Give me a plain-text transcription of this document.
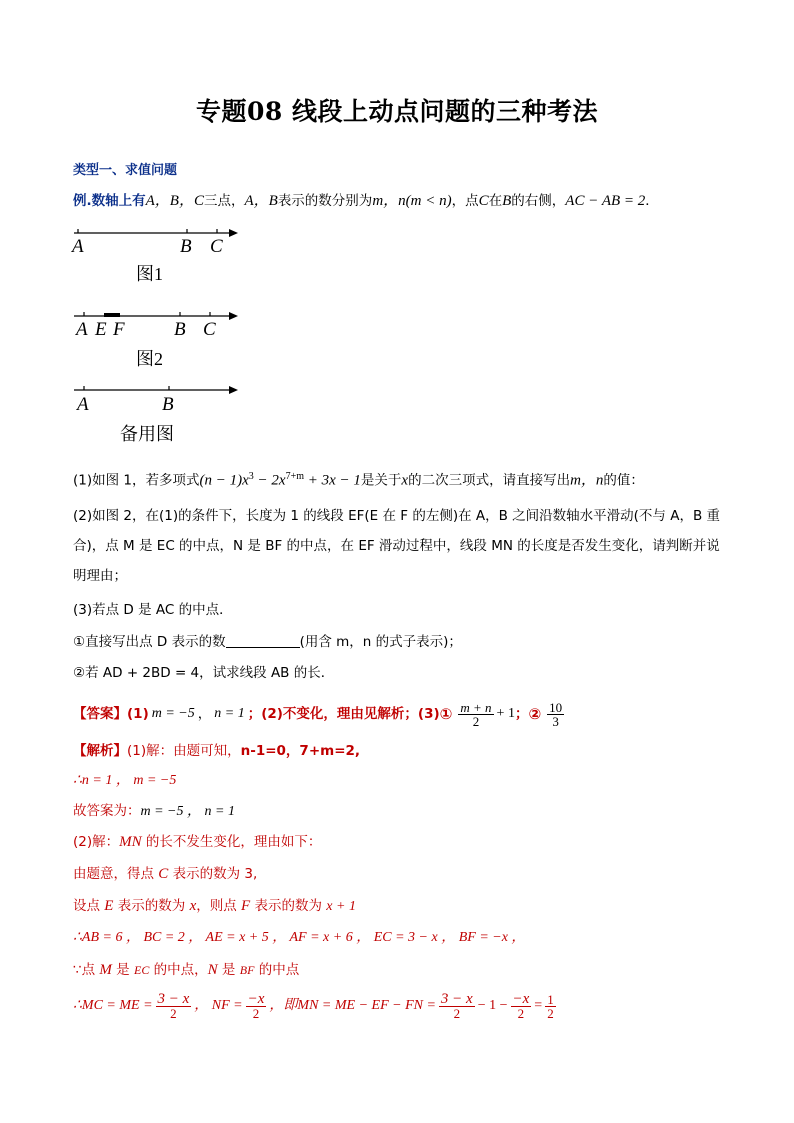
专题08 线段上动点问题的三种考法
类型一、求值问题
例.数轴上有A，B，C三点，A，B表示的数分别为m，n(m < n)，点C在B的右侧，AC − AB = 2．
A	B C
图1
A E F	B C
图2
A	B
备用图
(1)如图 1，若多项式$(n - 1)x^3 - 2x^{7+m} + 3x - 1$是关于x的二次三项式，请直接写出m，n的值：
(2)如图 2，在(1)的条件下，长度为 1 的线段 EF(E 在 F 的左侧)在 A，B 之间沿数轴水平滑动(不与 A，B 重
合)，点 M 是 EC 的中点，N 是 BF 的中点，在 EF 滑动过程中，线段 MN 的长度是否发生变化，请判断并说
明理由；
(3)若点 D 是 AC 的中点．
①直接写出点 D 表示的数	(用含 m，n 的式子表示)；
②若 AD + 2BD = 4，试求线段 AB 的长．
【答案】 (1) m = −5 ， n = 1 ；(2)不变化，理由见解析；(3) ① $\frac{m + n}{2} + 1$ ； ② $\frac{10}{3}$
【解析】(1)解：由题可知，n-1=0，7+m=2,
∴n = 1 ， m = −5
故答案为：m = −5 ， n = 1
(2)解：MN 的长不发生变化，理由如下：
由题意，得点 C 表示的数为 3,
设点 E 表示的数为 x，则点 F 表示的数为 x + 1
∴AB = 6 ， BC = 2 ， AE = x + 5 ， AF = x + 6 ， EC = 3 − x ， BF = −x ，
∵点 M 是 EC 的中点，N 是 BF 的中点
∴MC = ME = $\frac{3 - x}{2}$ ， NF = $\frac{-x}{2}$ ，即MN = ME − EF − FN = $\frac{3 - x}{2} - 1 - \frac{-x}{2} = \frac{1}{2}$
